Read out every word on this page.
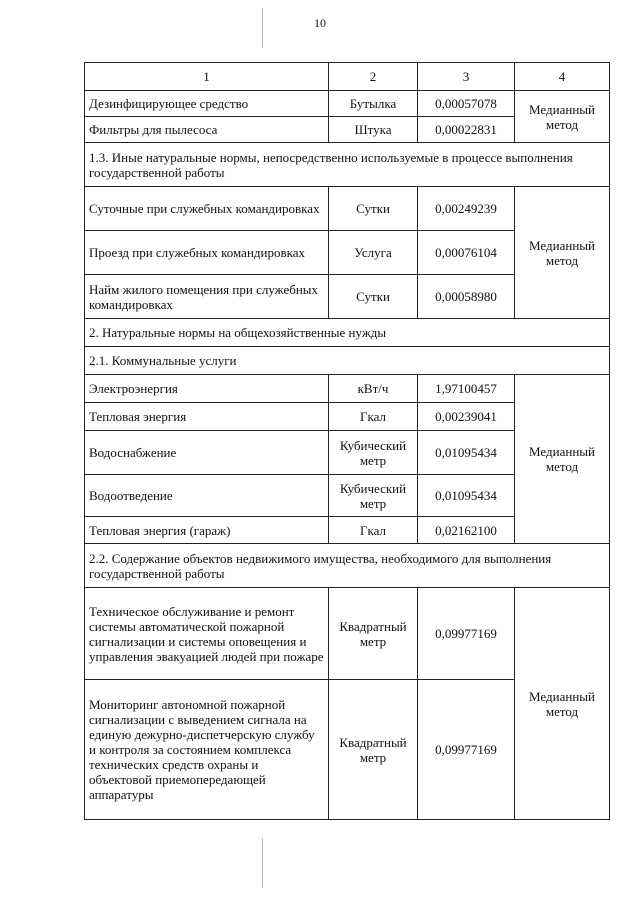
10
1	2	3	4
Дезинфицирующее средство	Бутылка	0,00057078	Медианный метод
Фильтры для пылесоса	Штука	0,00022831	
1.3. Иные натуральные нормы, непосредственно используемые в процессе выполнения государственной работы			
Суточные при служебных командировках	Сутки	0,00249239	Медианный метод
Проезд при служебных командировках	Услуга	0,00076104	
Найм жилого помещения при служебных командировках	Сутки	0,00058980	
2. Натуральные нормы на общехозяйственные нужды			
2.1. Коммунальные услуги			
Электроэнергия	кВт/ч	1,97100457	Медианный метод
Тепловая энергия	Гкал	0,00239041	
Водоснабжение	Кубический метр	0,01095434	
Водоотведение	Кубический метр	0,01095434	
Тепловая энергия (гараж)	Гкал	0,02162100	
2.2. Содержание объектов недвижимого имущества, необходимого для выполнения государственной работы			
Техническое обслуживание и ремонт системы автоматической пожарной сигнализации и системы оповещения и управления эвакуацией людей при пожаре	Квадратный метр	0,09977169	Медианный метод
Мониторинг автономной пожарной сигнализации с выведением сигнала на единую дежурно-диспетчерскую службу и контроля за состоянием комплекса технических средств охраны и объектовой приемопередающей аппаратуры	Квадратный метр	0,09977169	
